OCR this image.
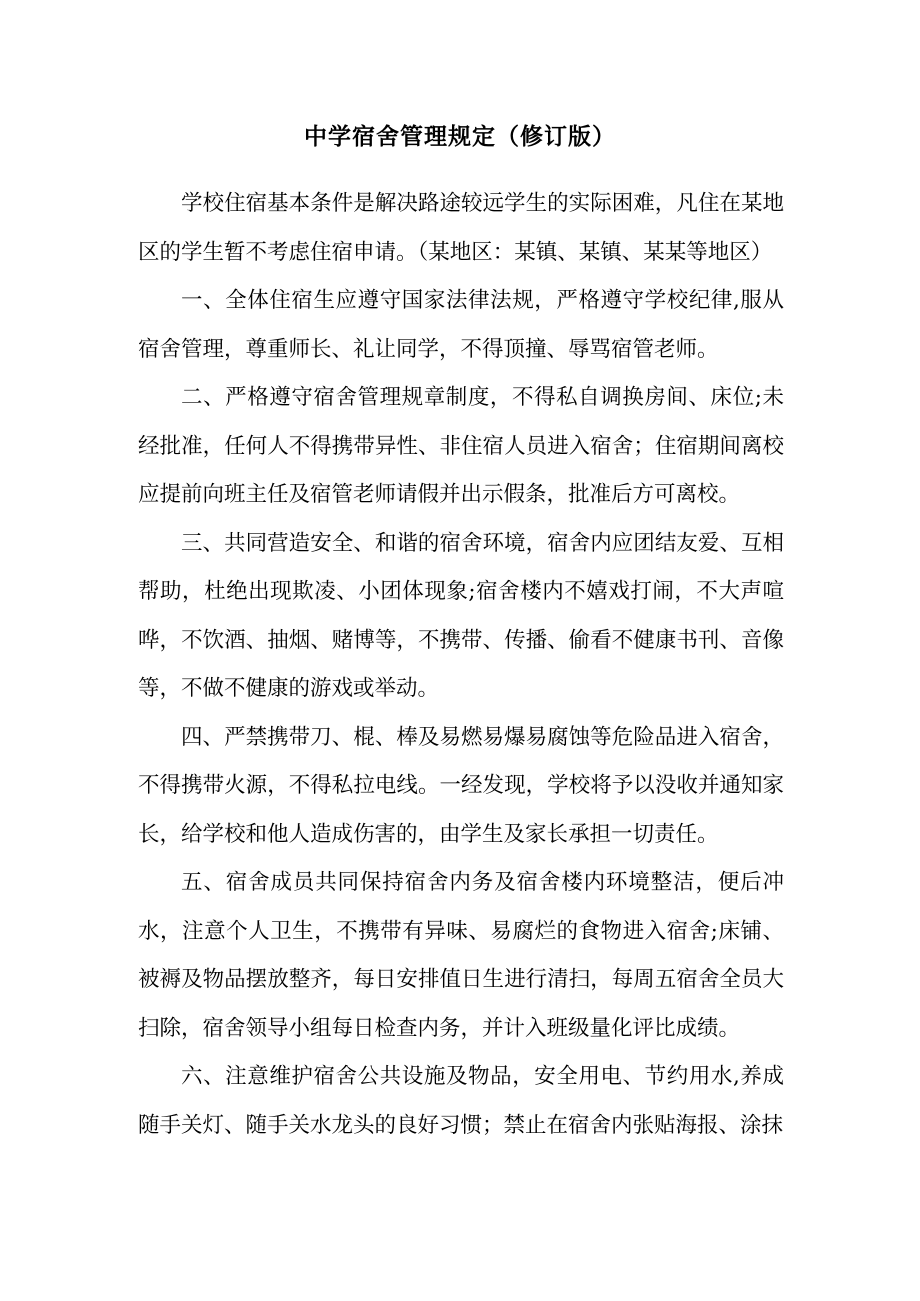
中学宿舍管理规定（修订版）

学校住宿基本条件是解决路途较远学生的实际困难，凡住在某地区的学生暂不考虑住宿申请。（某地区：某镇、某镇、某某等地区）

一、全体住宿生应遵守国家法律法规，严格遵守学校纪律,服从宿舍管理，尊重师长、礼让同学，不得顶撞、辱骂宿管老师。

二、严格遵守宿舍管理规章制度，不得私自调换房间、床位;未经批准，任何人不得携带异性、非住宿人员进入宿舍；住宿期间离校应提前向班主任及宿管老师请假并出示假条，批准后方可离校。

三、共同营造安全、和谐的宿舍环境，宿舍内应团结友爱、互相帮助，杜绝出现欺凌、小团体现象;宿舍楼内不嬉戏打闹，不大声喧哗，不饮酒、抽烟、赌博等，不携带、传播、偷看不健康书刊、音像等，不做不健康的游戏或举动。

四、严禁携带刀、棍、棒及易燃易爆易腐蚀等危险品进入宿舍，不得携带火源，不得私拉电线。一经发现，学校将予以没收并通知家长，给学校和他人造成伤害的，由学生及家长承担一切责任。

五、宿舍成员共同保持宿舍内务及宿舍楼内环境整洁，便后冲水，注意个人卫生，不携带有异味、易腐烂的食物进入宿舍;床铺、被褥及物品摆放整齐，每日安排值日生进行清扫，每周五宿舍全员大扫除，宿舍领导小组每日检查内务，并计入班级量化评比成绩。

六、注意维护宿舍公共设施及物品，安全用电、节约用水,养成随手关灯、随手关水龙头的良好习惯；禁止在宿舍内张贴海报、涂抹
